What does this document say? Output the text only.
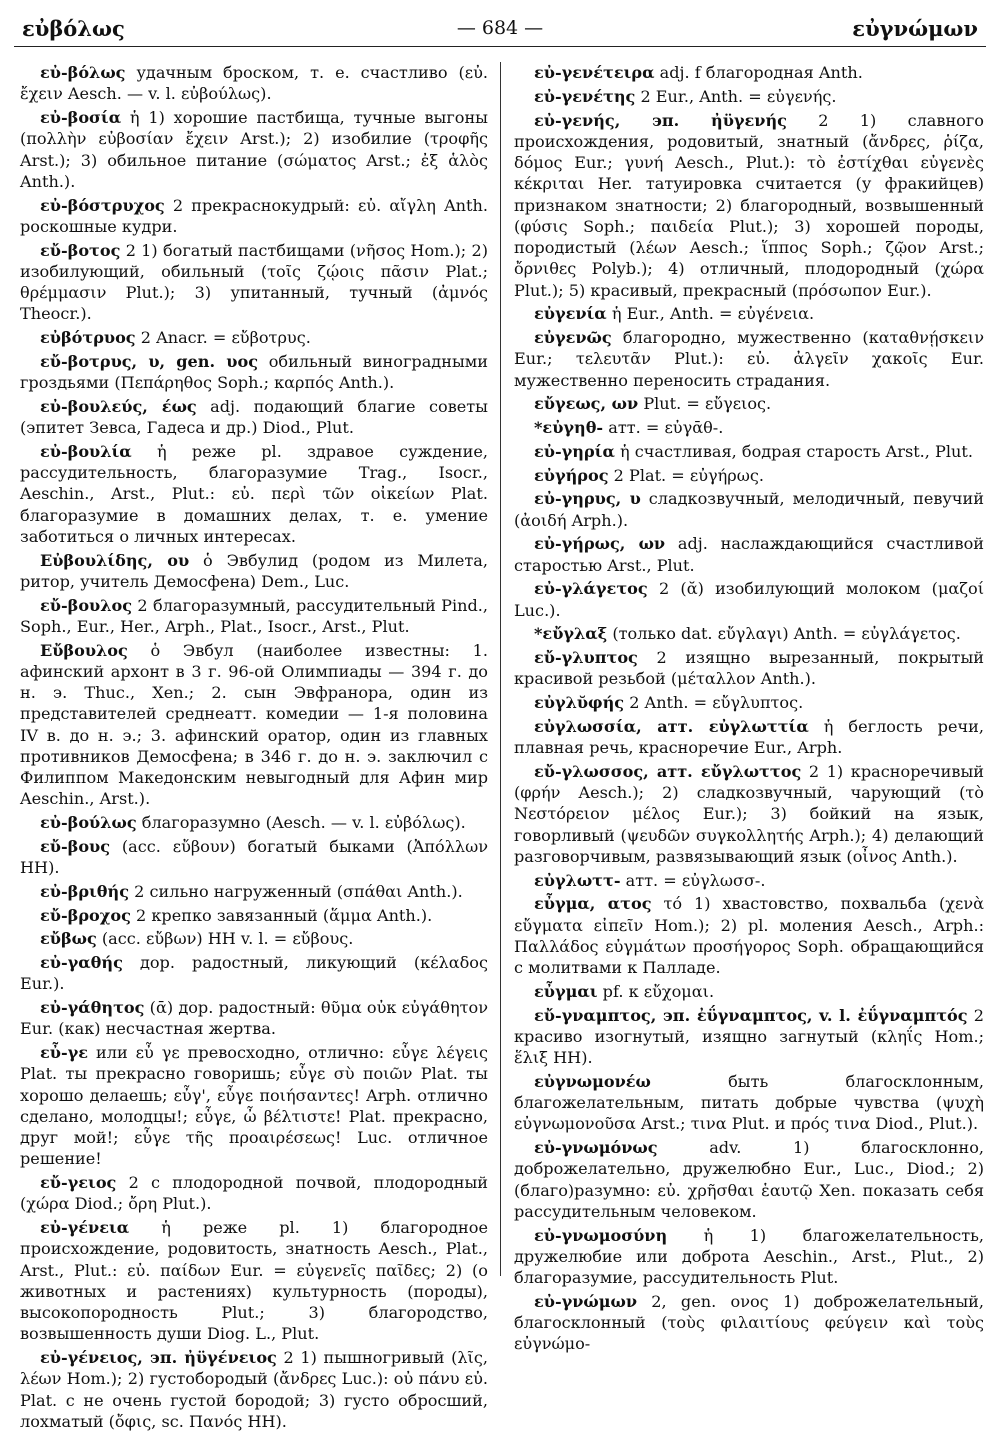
εὐβόλως	— 684 —	εὐγνώμων

εὐ-βόλως удачным броском, т. е. счастливо (εὐ. ἔχειν Aesch. — v. l. εὐβούλως).

εὐ-βοσία ἡ 1) хорошие пастбища, тучные выгоны (πολλὴν εὐβοσίαν ἔχειν Arst.); 2) изобилие (τροφῆς Arst.); 3) обильное питание (σώματος Arst.; ἐξ ἁλὸς Anth.).

εὐ-βόστρυχος 2 прекраснокудрый: εὐ. αἴγλη Anth. роскошные кудри.

εὔ-βοτος 2 1) богатый пастбищами (νῆσος Hom.); 2) изобилующий, обильный (τοῖς ζῴοις πᾶσιν Plat.; θρέμμασιν Plut.); 3) упитанный, тучный (ἀμνός Theocr.).

εὐβότρυος 2 Anacr. = εὔβοτρυς.

εὔ-βοτρυς, υ, gen. υος обильный виноградными гроздьями (Πεπάρηθος Soph.; καρπός Anth.).

εὐ-βουλεύς, έως adj. подающий благие советы (эпитет Зевса, Гадеса и др.) Diod., Plut.

εὐ-βουλία ἡ реже pl. здравое суждение, рассудительность, благоразумие Trag., Isocr., Aeschin., Arst., Plut.: εὐ. περὶ τῶν οἰκείων Plat. благоразумие в домашних делах, т. е. умение заботиться о личных интересах.

Εὐβουλίδης, ου ὁ Эвбулид (родом из Милета, ритор, учитель Демосфена) Dem., Luc.

εὔ-βουλος 2 благоразумный, рассудительный Pind., Soph., Eur., Her., Arph., Plat., Isocr., Arst., Plut.

Εὔβουλος ὁ Эвбул (наиболее известны: 1. афинский архонт в 3 г. 96-ой Олимпиады — 394 г. до н. э. Thuc., Xen.; 2. сын Эвфранора, один из представителей среднеатт. комедии — 1-я половина IV в. до н. э.; 3. афинский оратор, один из главных противников Демосфена; в 346 г. до н. э. заключил с Филиппом Македонским невыгодный для Афин мир Aeschin., Arst.).

εὐ-βούλως благоразумно (Aesch. — v. l. εὐβόλως).

εὔ-βους (acc. εὔβουν) богатый быками (Ἀπόλλων HH).

εὐ-βριθής 2 сильно нагруженный (σπάθαι Anth.).

εὔ-βροχος 2 крепко завязанный (ἅμμα Anth.).

εὔβως (acc. εὔβων) HH v. l. = εὔβους.

εὐ-γαθής дор. радостный, ликующий (κέλαδος Eur.).

εὐ-γάθητος (ᾱ) дор. радостный: θῦμα οὐκ εὐγάθητον Eur. (как) несчастная жертва.

εὖ-γε или εὖ γε превосходно, отлично: εὖγε λέγεις Plat. ты прекрасно говоришь; εὖγε σὺ ποιῶν Plat. ты хорошо делаешь; εὖγ', εὖγε ποιήσαντες! Arph. отлично сделано, молодцы!; εὖγε, ὦ βέλτιστε! Plat. прекрасно, друг мой!; εὖγε τῆς προαιρέσεως! Luc. отличное решение!

εὔ-γειος 2 с плодородной почвой, плодородный (χώρα Diod.; ὄρη Plut.).

εὐ-γένεια ἡ реже pl. 1) благородное происхождение, родовитость, знатность Aesch., Plat., Arst., Plut.: εὐ. παίδων Eur. = εὐγενεῖς παῖδες; 2) (о животных и растениях) культурность (породы), высокопородность Plut.; 3) благородство, возвышенность души Diog. L., Plut.

εὐ-γένειος, эп. ἠϋγένειος 2 1) пышногривый (λῖς, λέων Hom.); 2) густобородый (ἄνδρες Luc.): οὐ πάνυ εὐ. Plat. с не очень густой бородой; 3) густо обросший, лохматый (ὄφις, sc. Πανός HH).

εὐ-γενέτειρα adj. f благородная Anth.

εὐ-γενέτης 2 Eur., Anth. = εὐγενής.

εὐ-γενής, эп. ἠϋγενής 2 1) славного происхождения, родовитый, знатный (ἄνδρες, ῥίζα, δόμος Eur.; γυνή Aesch., Plut.): τὸ ἐστίχθαι εὐγενὲς κέκριται Her. татуировка считается (у фракийцев) признаком знатности; 2) благородный, возвышенный (φύσις Soph.; παιδεία Plut.); 3) хорошей породы, породистый (λέων Aesch.; ἵππος Soph.; ζῷον Arst.; ὄρνιθες Polyb.); 4) отличный, плодородный (χώρα Plut.); 5) красивый, прекрасный (πρόσωπον Eur.).

εὐγενία ἡ Eur., Anth. = εὐγένεια.

εὐγενῶς благородно, мужественно (καταθνῄσκειν Eur.; τελευτᾶν Plut.): εὐ. ἀλγεῖν χακοῖς Eur. мужественно переносить страдания.

εὔγεως, ων Plut. = εὔγειος.

*εὐγηθ- атт. = εὐγᾱθ-.

εὐ-γηρία ἡ счастливая, бодрая старость Arst., Plut.

εὐγήρος 2 Plat. = εὐγήρως.

εὐ-γηρυς, υ сладкозвучный, мелодичный, певучий (ἀοιδή Arph.).

εὐ-γήρως, ων adj. наслаждающийся счастливой старостью Arst., Plut.

εὐ-γλάγετος 2 (ᾰ) изобилующий молоком (μαζοί Luc.).

*εὔγλαξ (только dat. εὔγλαγι) Anth. = εὐγλάγετος.

εὔ-γλυπτος 2 изящно вырезанный, покрытый красивой резьбой (μέταλλον Anth.).

εὐγλῠφής 2 Anth. = εὔγλυπτος.

εὐγλωσσία, атт. εὐγλωττία ἡ беглость речи, плавная речь, красноречие Eur., Arph.

εὔ-γλωσσος, атт. εὔγλωττος 2 1) красноречивый (φρήν Aesch.); 2) сладкозвучный, чарующий (τὸ Νεστόρειον μέλος Eur.); 3) бойкий на язык, говорливый (ψευδῶν συγκολλητής Arph.); 4) делающий разговорчивым, развязывающий язык (οἶνος Anth.).

εὐγλωττ- атт. = εὐγλωσσ-.

εὖγμα, ατος τό 1) хвастовство, похвальба (χενὰ εὔγματα εἰπεῖν Hom.); 2) pl. моления Aesch., Arph.: Παλλάδος εὐγμάτων προσήγορος Soph. обращающийся с молитвами к Палладе.

εὖγμαι pf. к εὔχομαι.

εὔ-γναμπτος, эп. ἐΰγναμπτος, v. l. ἐΰγναμπτός 2 красиво изогнутый, изящно загнутый (κληΐς Hom.; ἕλιξ HH).

εὐγνωμονέω	быть благосклонным, благожелательным, питать добрые чувства (ψυχὴ εὐγνωμονοῦσα Arst.; τινα Plut. и πρός τινα Diod., Plut.).

εὐ-γνωμόνως	adv. 1) благосклонно, доброжелательно, дружелюбно Eur., Luc., Diod.; 2) (благо)разумно: εὐ. χρῆσθαι ἑαυτῷ Xen. показать себя рассудительным человеком.

εὐ-γνωμοσύνη ἡ 1) благожелательность, дружелюбие или доброта Aeschin., Arst., Plut., 2) благоразумие, рассудительность Plut.

εὐ-γνώμων 2, gen. ονος 1) доброжелательный, благосклонный (τοὺς φιλαιτίους φεύγειν καὶ τοὺς εὐγνώμο-
